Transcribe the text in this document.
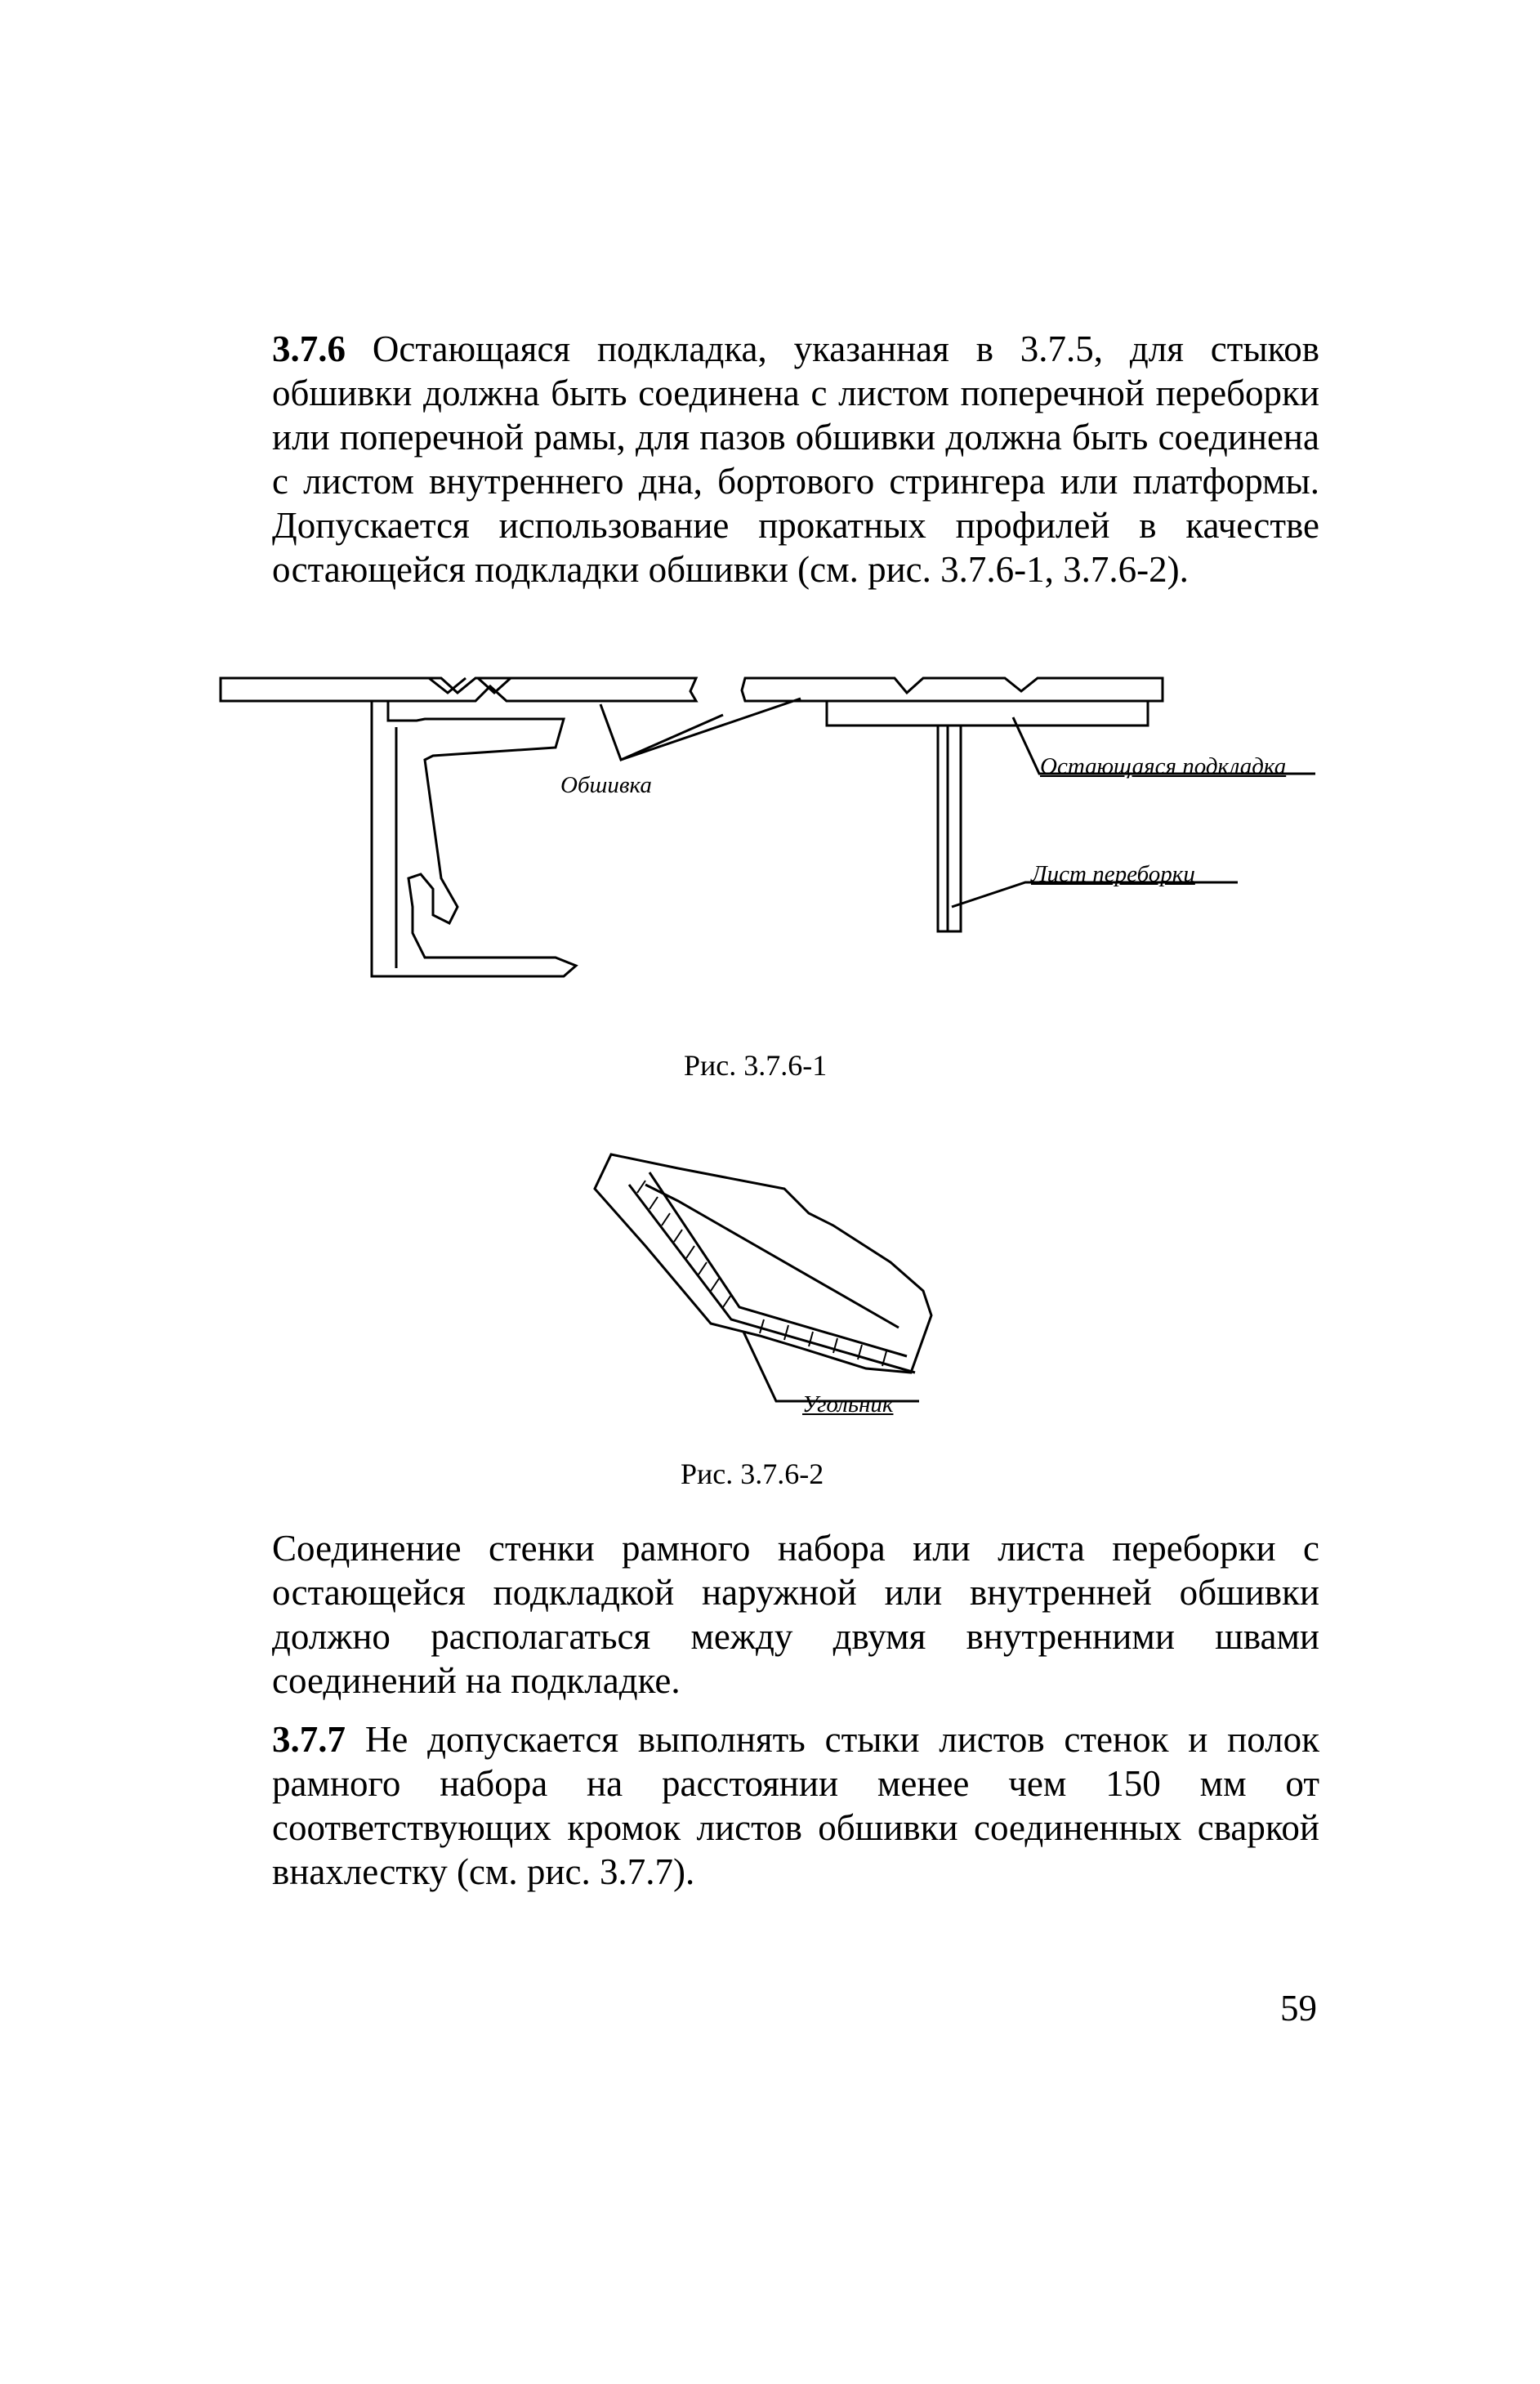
3.7.6 Остающаяся подкладка, указанная в 3.7.5, для стыков обшивки должна быть соединена с листом поперечной переборки или поперечной рамы, для пазов обшивки должна быть соединена с листом внутреннего дна, бортового стрингера или платформы. Допускается использование прокатных профилей в качестве остающейся подкладки обшивки (см. рис. 3.7.6-1, 3.7.6-2).
Обшивка
Остающаяся подкладка
Лист переборки
Рис. 3.7.6-1
Угольник
Рис. 3.7.6-2
Соединение стенки рамного набора или листа переборки с остающейся подкладкой наружной или внутренней обшивки должно располагаться между двумя внутренними швами соединений на подкладке.
3.7.7 Не допускается выполнять стыки листов стенок и полок рамного набора на расстоянии менее чем 150 мм от соответствующих кромок листов обшивки соединенных сваркой внахлестку (см. рис. 3.7.7).
59
